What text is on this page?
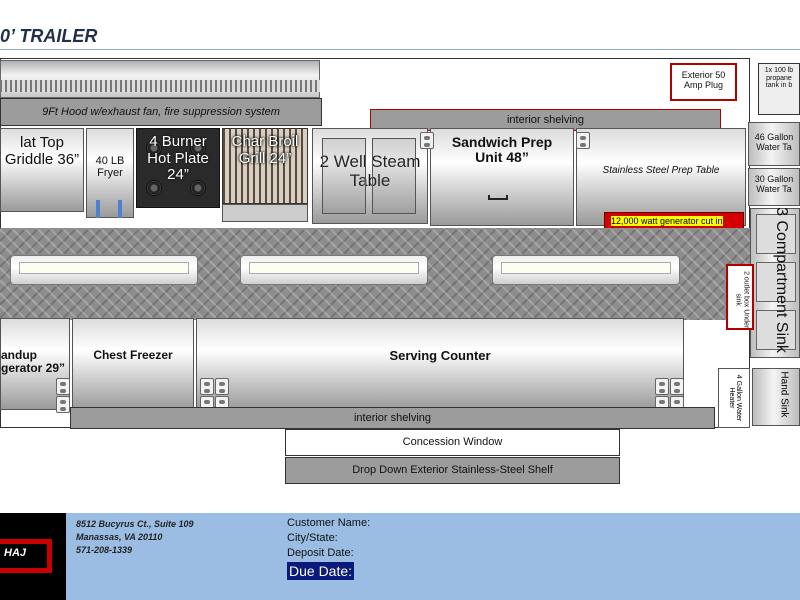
0’ TRAILER
9Ft Hood w/exhaust fan, fire suppression system
interior shelving
Exterior 50 Amp Plug
1x 100 lb propane tank in b
46 Gallon Water Ta
30 Gallon Water Ta
lat Top Griddle 36”	40 LB Fryer
4 Burner Hot Plate 24”
Char Broil Grill 24”	2 Well Steam Table
Sandwich Prep Unit 48”
Stainless Steel Prep Table
12,000 watt generator cut in	3 Compartment Sink
2 outlet box Under sink
4 Gallon Water Heater	Hand Sink
andup gerator 29”
Chest Freezer	Serving Counter
interior shelving
Concession Window
Drop Down Exterior Stainless-Steel Shelf
HAJ
8512 Bucyrus Ct., Suite 109
Manassas, VA 20110
571-208-1339
Customer Name:
City/State:
Deposit Date:
Due Date:
